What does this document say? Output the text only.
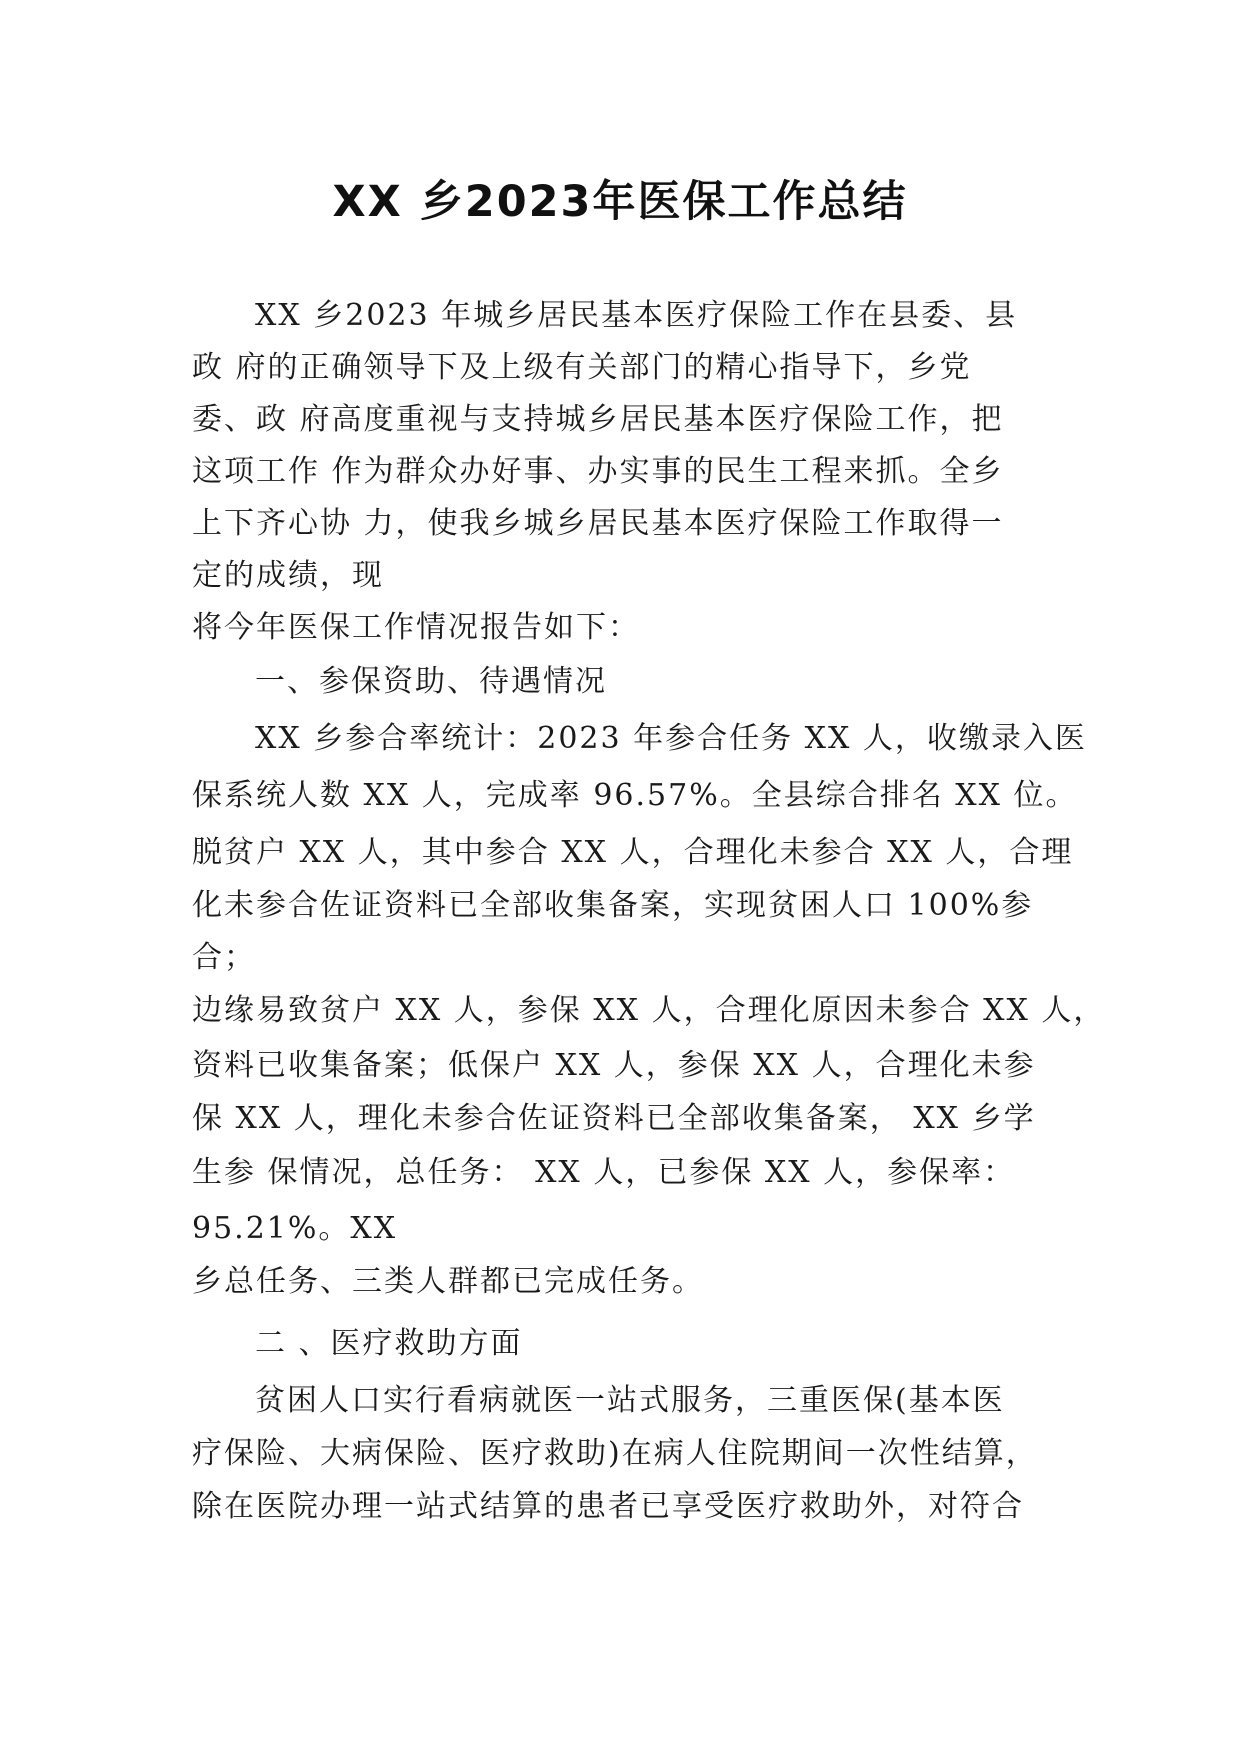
XX 乡2023年医保工作总结
XX 乡2023 年城乡居民基本医疗保险工作在县委、县
政 府的正确领导下及上级有关部门的精心指导下，乡党
委、政 府高度重视与支持城乡居民基本医疗保险工作，把
这项工作 作为群众办好事、办实事的民生工程来抓。全乡
上下齐心协 力，使我乡城乡居民基本医疗保险工作取得一
定的成绩，现
将今年医保工作情况报告如下：
一、参保资助、待遇情况
XX 乡参合率统计：2023 年参合任务 XX 人，收缴录入医
保系统人数 XX 人，完成率 96.57%。全县综合排名 XX 位。
脱贫户 XX 人，其中参合 XX 人，合理化未参合 XX 人，合理
化未参合佐证资料已全部收集备案，实现贫困人口 100%参
合；
边缘易致贫户 XX 人，参保 XX 人，合理化原因未参合 XX 人，
资料已收集备案；低保户 XX 人，参保 XX 人，合理化未参
保 XX 人，理化未参合佐证资料已全部收集备案， XX 乡学
生参 保情况，总任务： XX 人，已参保 XX 人，参保率：
95.21%。XX
乡总任务、三类人群都已完成任务。
二 、医疗救助方面
贫困人口实行看病就医一站式服务，三重医保(基本医
疗保险、大病保险、医疗救助)在病人住院期间一次性结算，
除在医院办理一站式结算的患者已享受医疗救助外，对符合
